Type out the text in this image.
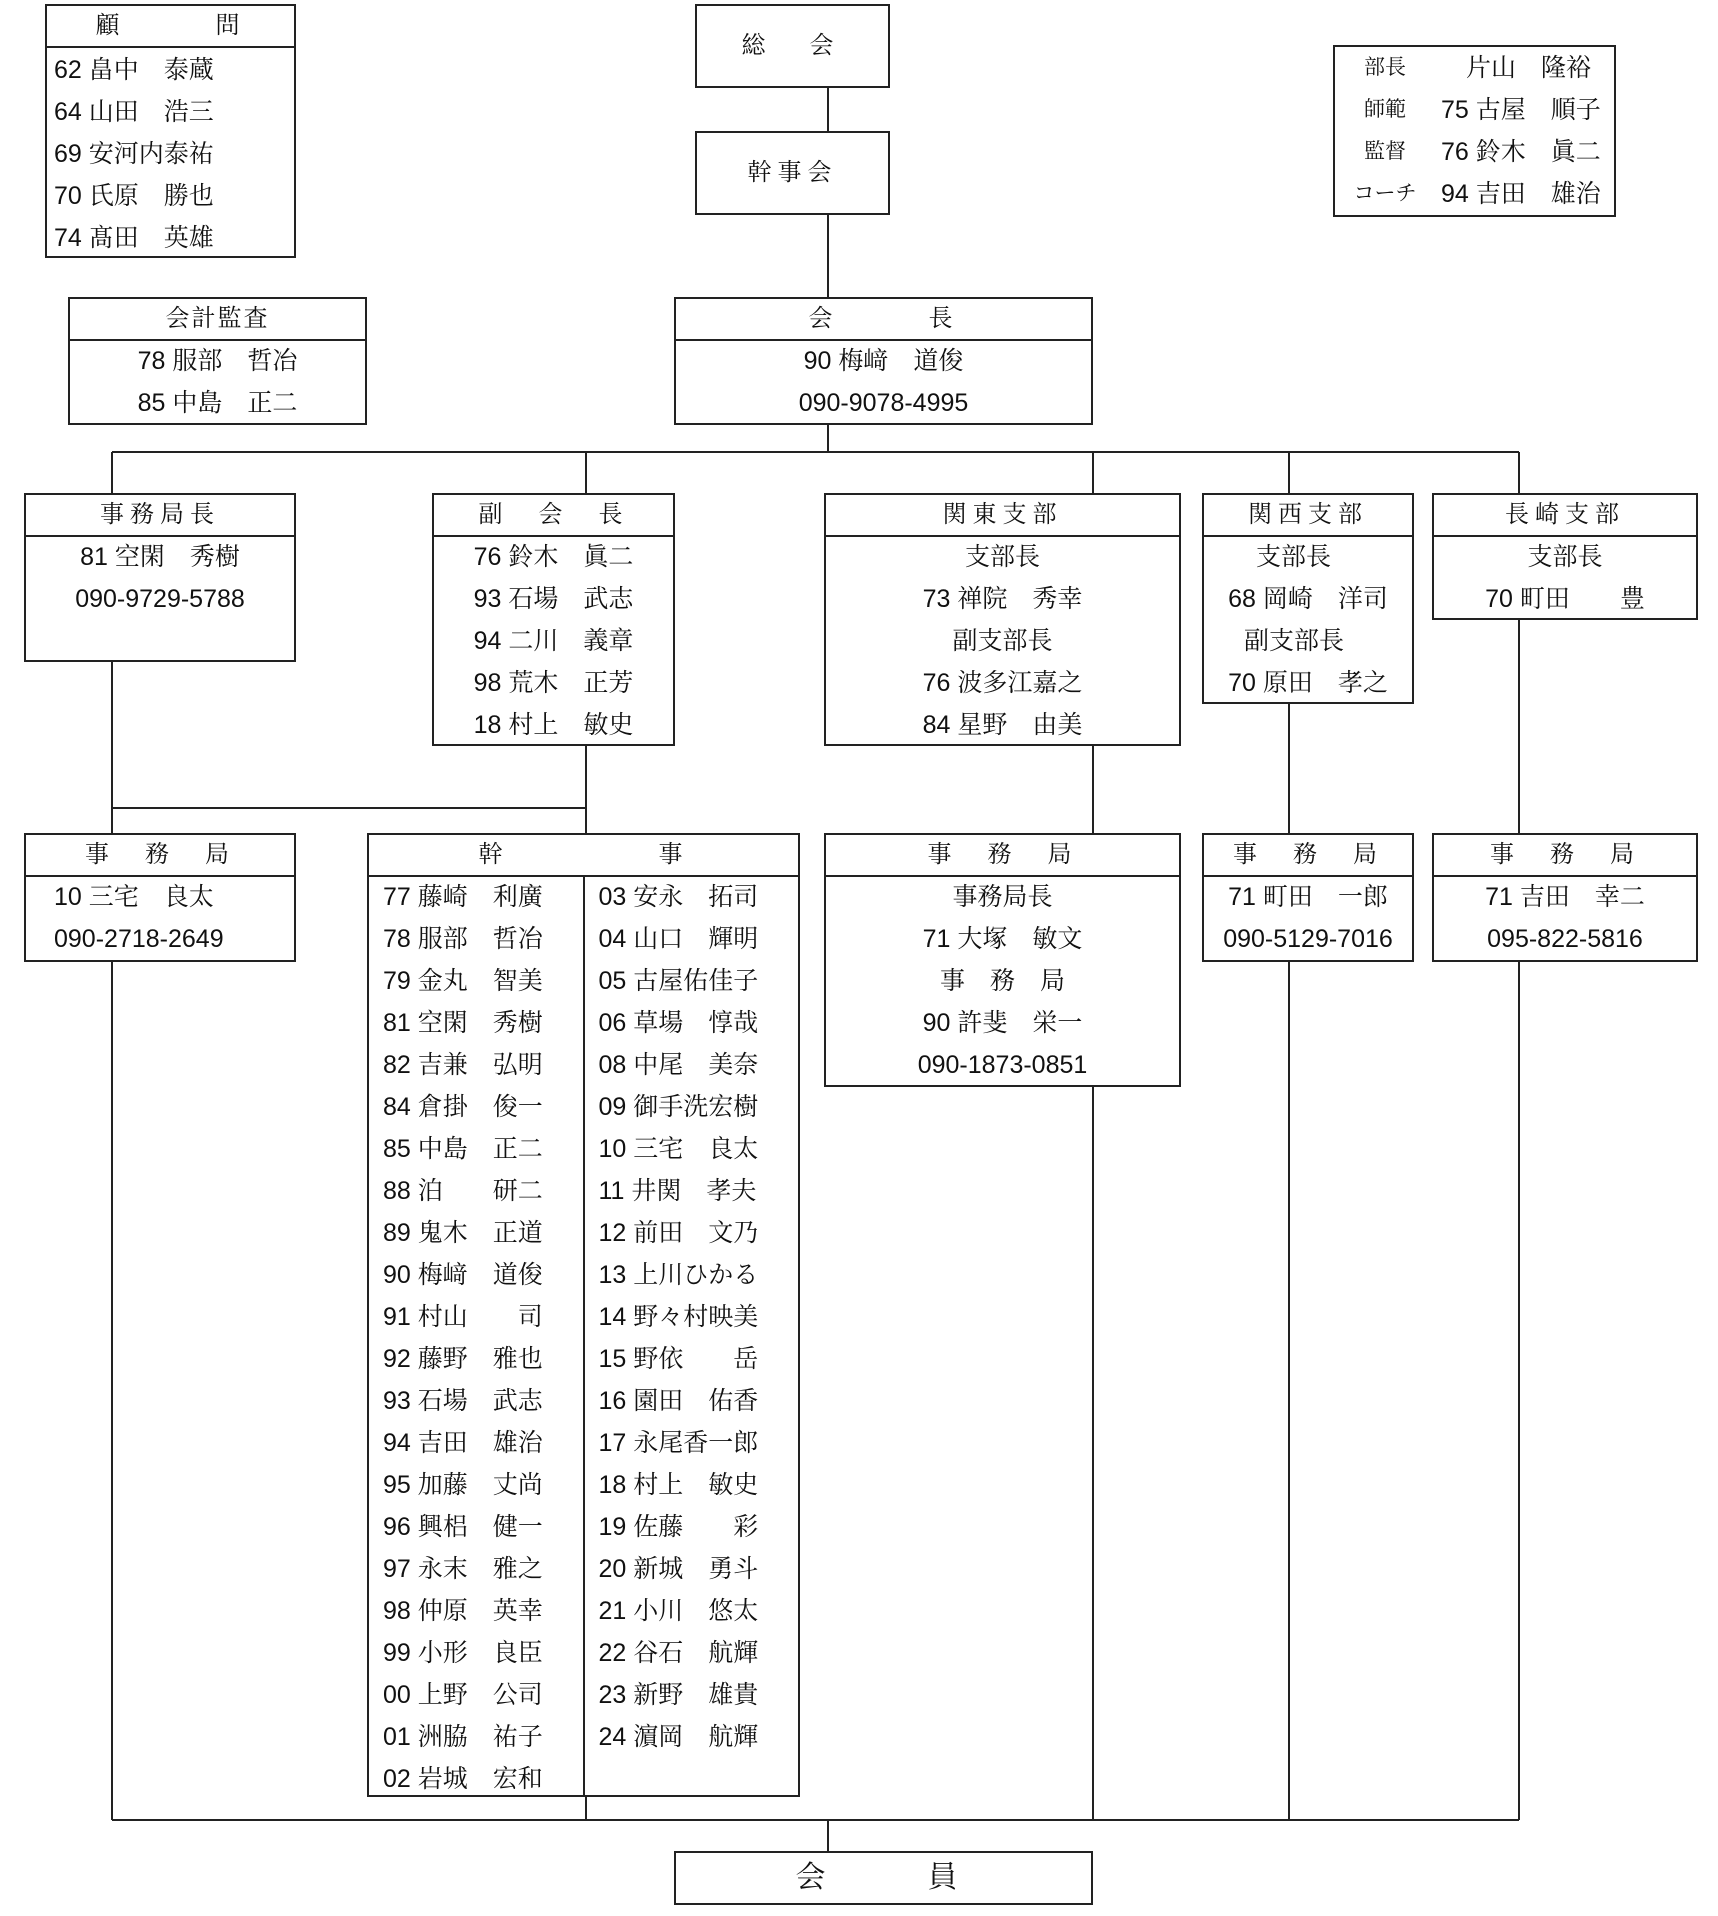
顧　　　問
62 畠中　泰蔵
64 山田　浩三
69 安河内泰祐
70 氏原　勝也
74 髙田　英雄
総　会
幹事会
部長	　片山　隆裕
師範	75 古屋　順子
監督	76 鈴木　眞二
コーチ 94 吉田　雄治
会計監査
78 服部　哲冶
85 中島　正二
会　　　長
90 梅﨑　道俊
090-9078-4995
事務局長
81 空閑　秀樹
090-9729-5788
副　会　長
76 鈴木　眞二
93 石場　武志
94 二川　義章
98 荒木　正芳
18 村上　敏史
関東支部
支部長
73 禅院　秀幸
副支部長
76 波多江嘉之
84 星野　由美
関西支部
支部長
68 岡崎　洋司
副支部長
70 原田　孝之
長崎支部
支部長
70 町田　　豊
事　務　局
10 三宅　良太
090-2718-2649
幹　　　　　事
77 藤崎　利廣
78 服部　哲冶
79 金丸　智美
81 空閑　秀樹
82 吉兼　弘明
84 倉掛　俊一
85 中島　正二
88 泊　　研二
89 鬼木　正道
90 梅﨑　道俊
91 村山　　司
92 藤野　雅也
93 石場　武志
94 吉田　雄治
95 加藤　丈尚
96 興梠　健一
97 永末　雅之
98 仲原　英幸
99 小形　良臣
00 上野　公司
01 洲脇　祐子
02 岩城　宏和
03 安永　拓司
04 山口　輝明
05 古屋佑佳子
06 草場　惇哉
08 中尾　美奈
09 御手洗宏樹
10 三宅　良太
11 井関　孝夫
12 前田　文乃
13 上川ひかる
14 野々村映美
15 野依　　岳
16 園田　佑香
17 永尾香一郎
18 村上　敏史
19 佐藤　　彩
20 新城　勇斗
21 小川　悠太
22 谷石　航輝
23 新野　雄貴
24 濵岡　航輝
事　務　局
事務局長
71 大塚　敏文
事　務　局
90 許斐　栄一
090-1873-0851
事　務　局
71 町田　一郎
090-5129-7016
事　務　局
71 吉田　幸二
095-822-5816
会　　員
